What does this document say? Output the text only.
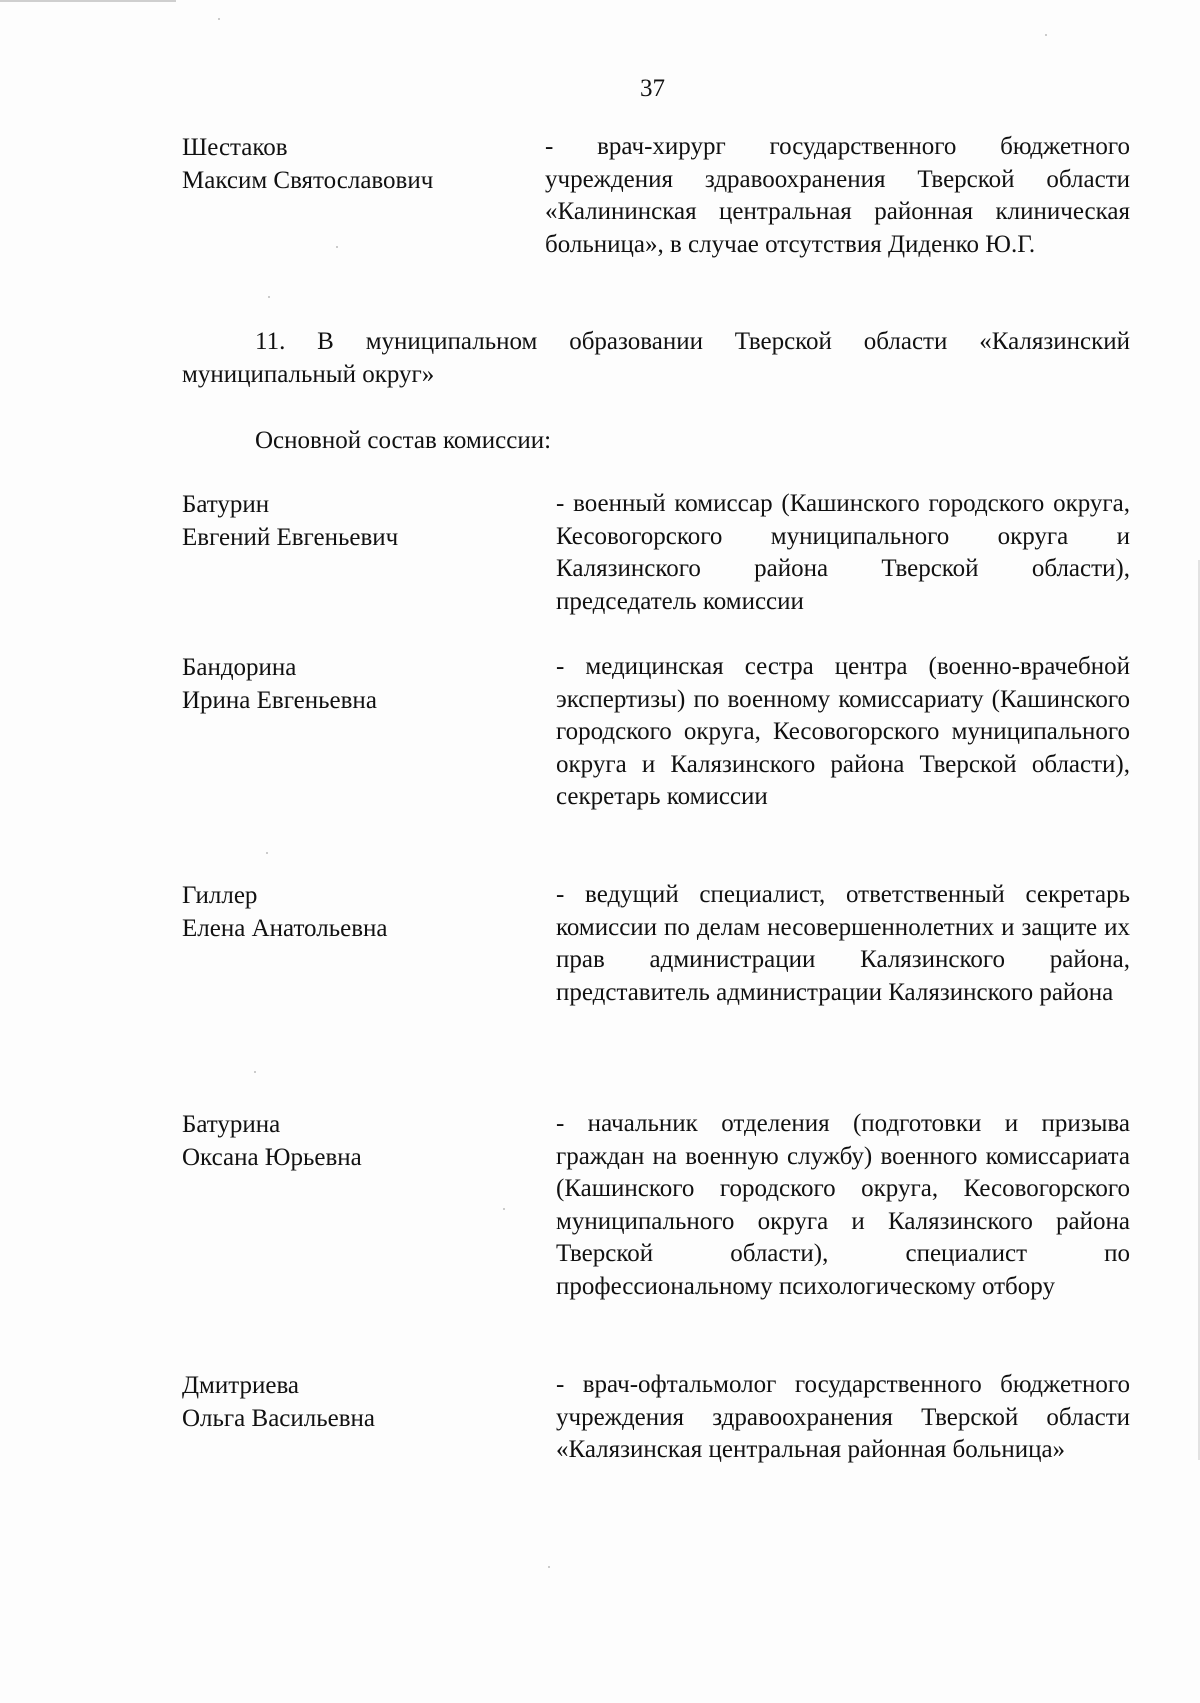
37
Шестаков
Максим Святославович
- врач-хирург государственного бюджетного учреждения здравоохранения Тверской области «Калининская центральная районная клиническая больница», в случае отсутствия Диденко Ю.Г.
11. В муниципальном образовании Тверской области «Калязинский муниципальный округ»
Основной состав комиссии:
Батурин
Евгений Евгеньевич
- военный комиссар (Кашинского городского округа, Кесовогорского муниципального округа и Калязинского района Тверской области), председатель комиссии
Бандорина
Ирина Евгеньевна
- медицинская сестра центра (военно-врачебной экспертизы) по военному комиссариату (Кашинского городского округа, Кесовогорского муниципального округа и Калязинского района Тверской области), секретарь комиссии
Гиллер
Елена Анатольевна
- ведущий специалист, ответственный секретарь комиссии по делам несовершеннолетних и защите их прав администрации Калязинского района, представитель администрации Калязинского района
Батурина
Оксана Юрьевна
- начальник отделения (подготовки и призыва граждан на военную службу) военного комиссариата (Кашинского городского округа, Кесовогорского муниципального округа и Калязинского района Тверской области), специалист по профессиональному психологическому отбору
Дмитриева
Ольга Васильевна
- врач-офтальмолог государственного бюджетного учреждения здравоохранения Тверской области «Калязинская центральная районная больница»
